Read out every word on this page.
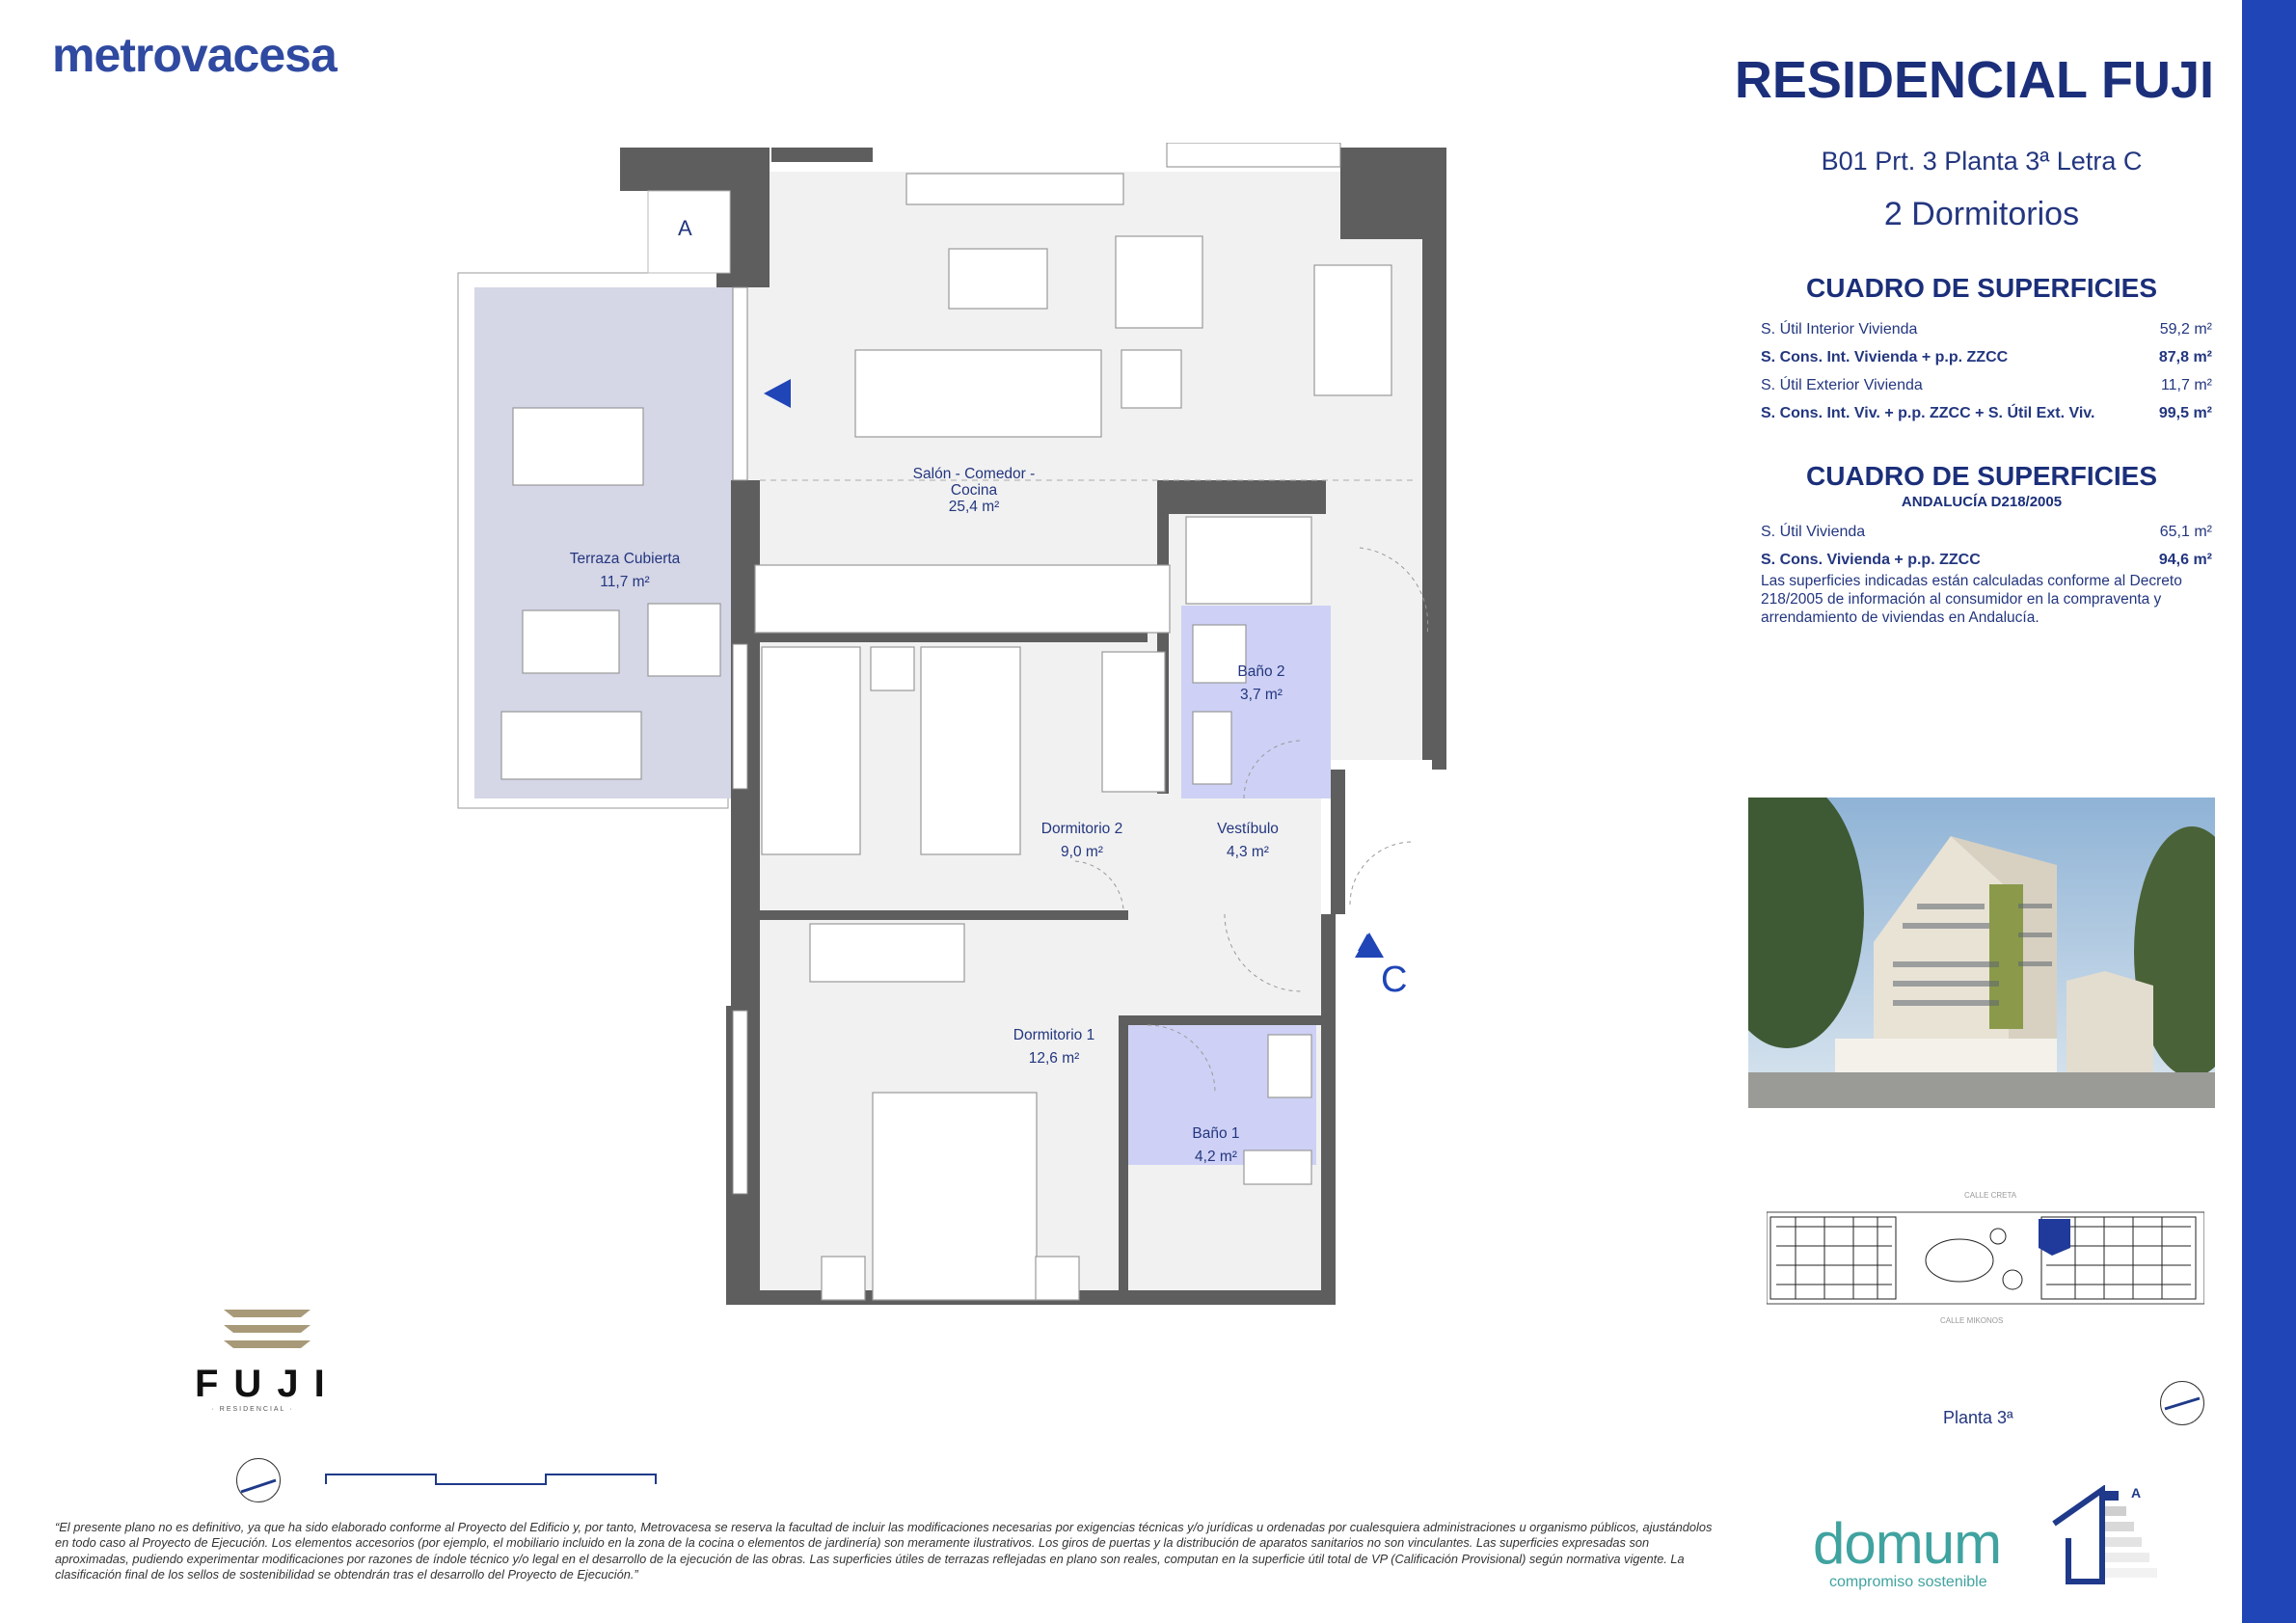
metrovacesa	RESIDENCIAL FUJI
B01 Prt. 3 Planta 3ª Letra C
2 Dormitorios
CUADRO DE SUPERFICIES
S. Útil Interior Vivienda	59,2 m²
S. Cons. Int. Vivienda + p.p. ZZCC	87,8 m²
S. Útil Exterior Vivienda	11,7 m²
S. Cons. Int. Viv. + p.p. ZZCC + S. Útil Ext. Viv.	99,5 m²
CUADRO DE SUPERFICIES
ANDALUCÍA D218/2005
S. Útil Vivienda	65,1 m²
S. Cons. Vivienda + p.p. ZZCC	94,6 m²
Las superficies indicadas están calculadas conforme al Decreto 218/2005 de información al consumidor en la compraventa y arrendamiento de viviendas en Andalucía.
CALLE CRETA
CALLE MIKONOS
Planta 3ª
A
C
Salón - Comedor -
Cocina
25,4 m²
Terraza Cubierta
11,7 m²
Baño 2
3,7 m²
Dormitorio 2
9,0 m²
Vestíbulo
4,3 m²
Dormitorio 1
12,6 m²
Baño 1
4,2 m²
FUJI
· RESIDENCIAL ·
“El presente plano no es definitivo, ya que ha sido elaborado conforme al Proyecto del Edificio y, por tanto, Metrovacesa se reserva la facultad de incluir las modificaciones necesarias por exigencias técnicas y/o jurídicas u ordenadas por cualesquiera administraciones u organismo públicos, ajustándolos en todo caso al Proyecto de Ejecución. Los elementos accesorios (por ejemplo, el mobiliario incluido en la zona de la cocina o elementos de jardinería) son meramente ilustrativos. Los giros de puertas y la distribución de aparatos sanitarios no son vinculantes. Las superficies expresadas son aproximadas, pudiendo experimentar modificaciones por razones de índole técnico y/o legal en el desarrollo de la ejecución de las obras. Las superficies útiles de terrazas reflejadas en plano son reales, computan en la superficie útil total de VP (Calificación Provisional) según normativa vigente. La clasificación final de los sellos de sostenibilidad se obtendrán tras el desarrollo del Proyecto de Ejecución.”	domum
compromiso sostenible
A
